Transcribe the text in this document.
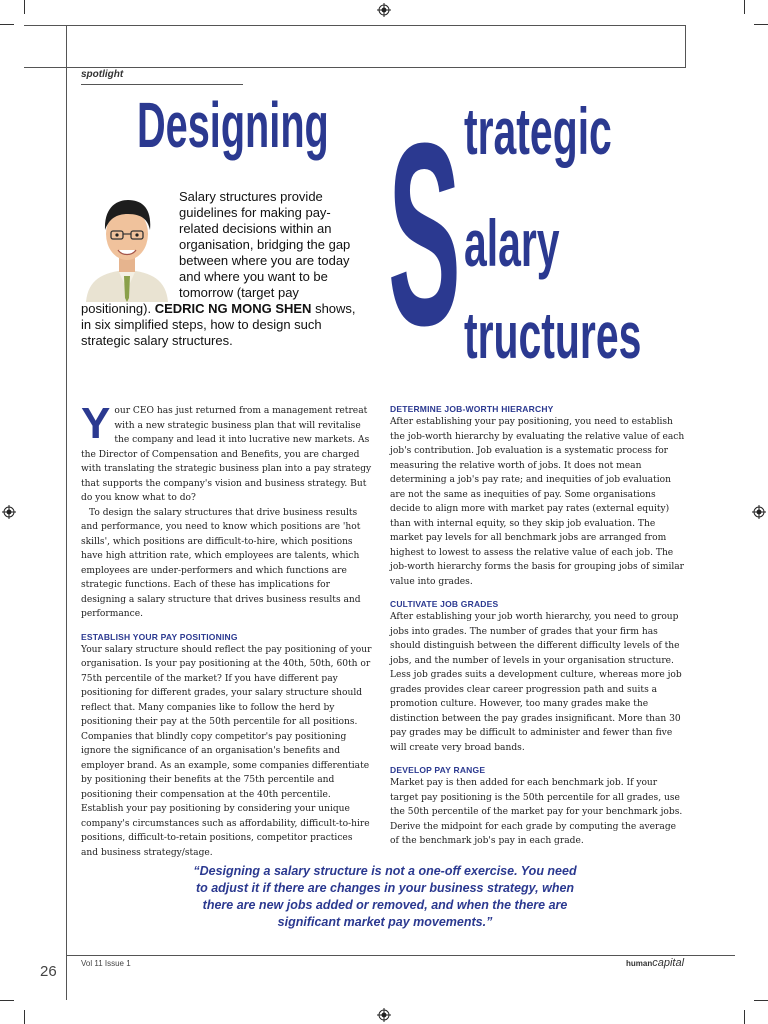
spotlight
Designing S trategic
alary
tructures
Salary structures provide guidelines for making pay-related decisions within an organisation, bridging the gap between where you are today and where you want to be tomorrow (target pay positioning). CEDRIC NG MONG SHEN shows, in six simplified steps, how to design such strategic salary structures.

Your CEO has just returned from a management retreat with a new strategic business plan that will revitalise the company and lead it into lucrative new markets. As the Director of Compensation and Benefits, you are charged with translating the strategic business plan into a pay strategy that supports the company's vision and business strategy. But do you know what to do?

To design the salary structures that drive business results and performance, you need to know which positions are 'hot skills', which positions are difficult-to-hire, which positions have high attrition rate, which employees are talents, which employees are under-performers and which functions are strategic functions. Each of these has implications for designing a salary structure that drives business results and performance.

ESTABLISH YOUR PAY POSITIONING

Your salary structure should reflect the pay positioning of your organisation. Is your pay positioning at the 40th, 50th, 60th or 75th percentile of the market? If you have different pay positioning for different grades, your salary structure should reflect that. Many companies like to follow the herd by positioning their pay at the 50th percentile for all positions. Companies that blindly copy competitor's pay positioning ignore the significance of an organisation's benefits and employer brand. As an example, some companies differentiate by positioning their benefits at the 75th percentile and positioning their compensation at the 40th percentile. Establish your pay positioning by considering your unique company's circumstances such as affordability, difficult-to-hire positions, difficult-to-retain positions, competitor practices and business strategy/stage.

DETERMINE JOB-WORTH HIERARCHY

After establishing your pay positioning, you need to establish the job-worth hierarchy by evaluating the relative value of each job's contribution. Job evaluation is a systematic process for measuring the relative worth of jobs. It does not mean determining a job's pay rate; and inequities of job evaluation are not the same as inequities of pay. Some organisations decide to align more with market pay rates (external equity) than with internal equity, so they skip job evaluation. The market pay levels for all benchmark jobs are arranged from highest to lowest to assess the relative value of each job. The job-worth hierarchy forms the basis for grouping jobs of similar value into grades.

CULTIVATE JOB GRADES

After establishing your job worth hierarchy, you need to group jobs into grades. The number of grades that your firm has should distinguish between the different difficulty levels of the jobs, and the number of levels in your organisation structure. Less job grades suits a development culture, whereas more job grades provides clear career progression path and suits a promotion culture. However, too many grades make the distinction between the pay grades insignificant. More than 30 pay grades may be difficult to administer and fewer than five will create very broad bands.

DEVELOP PAY RANGE

Market pay is then added for each benchmark job. If your target pay positioning is the 50th percentile for all grades, use the 50th percentile of the market pay for your benchmark jobs. Derive the midpoint for each grade by computing the average of the benchmark job's pay in each grade.

“Designing a salary structure is not a one-off exercise. You need to adjust it if there are changes in your business strategy, when there are new jobs added or removed, and when the there are significant market pay movements.”
26	Vol 11 Issue 1	humancapital
